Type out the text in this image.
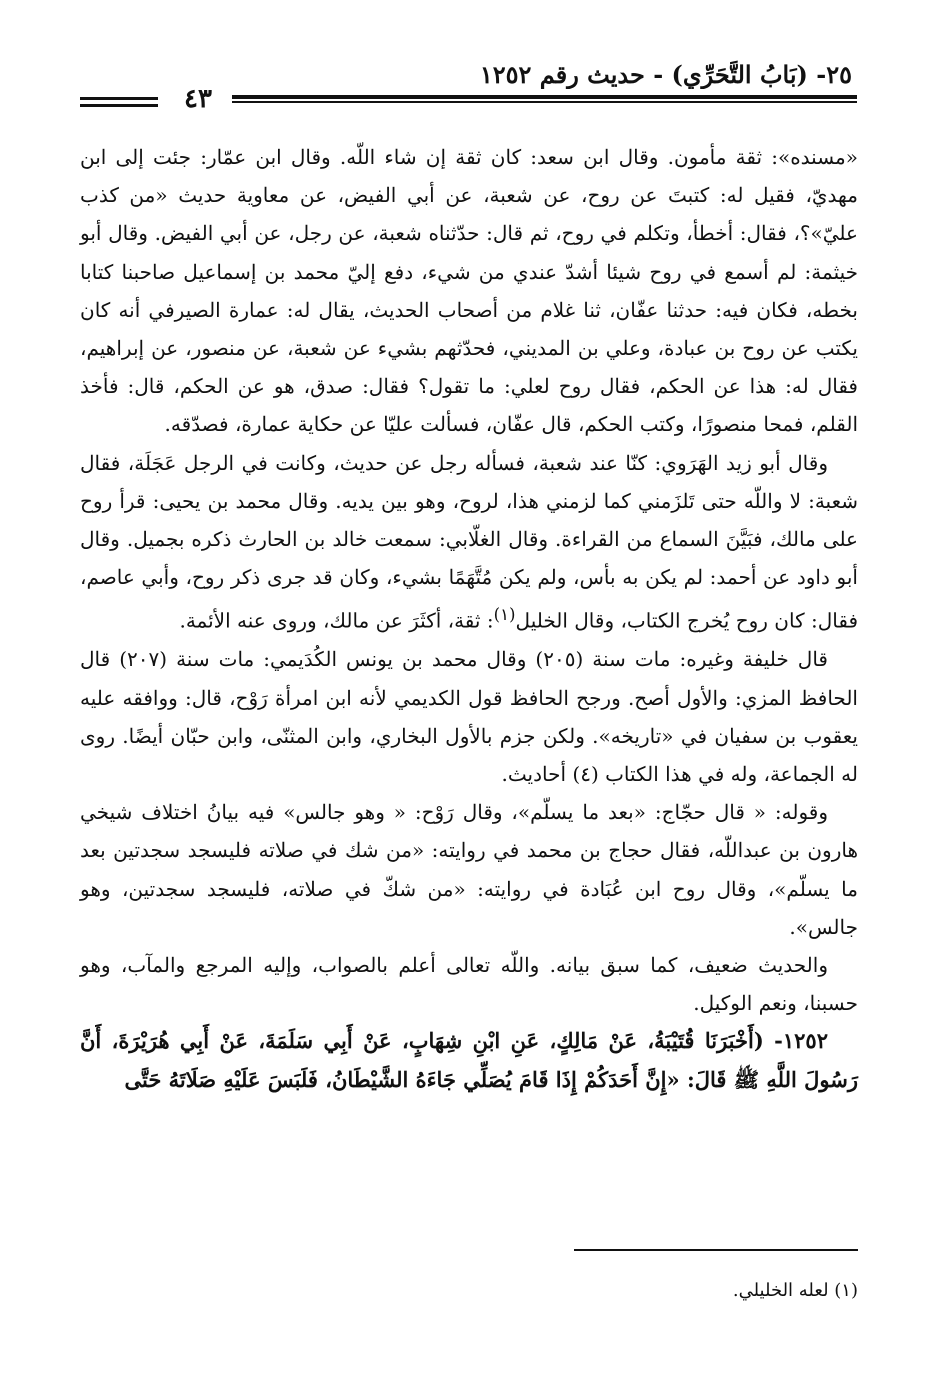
٢٥- (بَابُ التَّحَرِّي) - حديث رقم ١٢٥٢
٤٣

«مسنده»: ثقة مأمون. وقال ابن سعد: كان ثقة إن شاء اللّه. وقال ابن عمّار: جئت إلى ابن مهديّ، فقيل له: كتبتَ عن روح، عن شعبة، عن أبي الفيض، عن معاوية حديث «من كذب عليّ»؟، فقال: أخطأ، وتكلم في روح، ثم قال: حدّثناه شعبة، عن رجل، عن أبي الفيض. وقال أبو خيثمة: لم أسمع في روح شيئا أشدّ عندي من شيء، دفع إليّ محمد بن إسماعيل صاحبنا كتابا بخطه، فكان فيه: حدثنا عفّان، ثنا غلام من أصحاب الحديث، يقال له: عمارة الصيرفي أنه كان يكتب عن روح بن عبادة، وعلي بن المديني، فحدّثهم بشيء عن شعبة، عن منصور، عن إبراهيم، فقال له: هذا عن الحكم، فقال روح لعلي: ما تقول؟ فقال: صدق، هو عن الحكم، قال: فأخذ القلم، فمحا منصورًا، وكتب الحكم، قال عفّان، فسألت عليّا عن حكاية عمارة، فصدّقه.

وقال أبو زيد الهَرَوي: كنّا عند شعبة، فسأله رجل عن حديث، وكانت في الرجل عَجَلَة، فقال شعبة: لا واللّه حتى تَلزَمني كما لزمني هذا، لروح، وهو بين يديه. وقال محمد بن يحيى: قرأ روح على مالك، فبَيَّنَ السماع من القراءة. وقال الغلّابي: سمعت خالد بن الحارث ذكره بجميل. وقال أبو داود عن أحمد: لم يكن به بأس، ولم يكن مُتَّهَمًا بشيء، وكان قد جرى ذكر روح، وأبي عاصم، فقال: كان روح يُخرج الكتاب، وقال الخليل$^{(١)}$: ثقة، أكثَرَ عن مالك، وروى عنه الأئمة.

قال خليفة وغيره: مات سنة (٢٠٥) وقال محمد بن يونس الكُدَيمي: مات سنة (٢٠٧) قال الحافظ المزي: والأول أصح. ورجح الحافظ قول الكديمي لأنه ابن امرأة رَوْح، قال: ووافقه عليه يعقوب بن سفيان في «تاريخه». ولكن جزم بالأول البخاري، وابن المثنّى، وابن حبّان أيضًا. روى له الجماعة، وله في هذا الكتاب (٤) أحاديث.

وقوله: « قال حجّاج: «بعد ما يسلّم»، وقال رَوْح: « وهو جالس» فيه بيانُ اختلاف شيخي هارون بن عبداللّه، فقال حجاج بن محمد في روايته: «من شك في صلاته فليسجد سجدتين بعد ما يسلّم»، وقال روح ابن عُبَادة في روايته: «من شكّ في صلاته، فليسجد سجدتين، وهو جالس».

والحديث ضعيف، كما سبق بيانه. واللّه تعالى أعلم بالصواب، وإليه المرجع والمآب، وهو حسبنا، ونعم الوكيل.

١٢٥٢- (أَخْبَرَنَا قُتَيْبَةُ، عَنْ مَالِكٍ، عَنِ ابْنِ شِهَابٍ، عَنْ أَبِي سَلَمَةَ، عَنْ أَبِي هُرَيْرَةَ، أَنَّ رَسُولَ اللَّهِ ﷺ قَالَ: «إِنَّ أَحَدَكُمْ إِذَا قَامَ يُصَلِّي جَاءَهُ الشَّيْطَانُ، فَلَبَسَ عَلَيْهِ صَلَاتَهُ حَتَّى

(١) لعله الخليلي.
